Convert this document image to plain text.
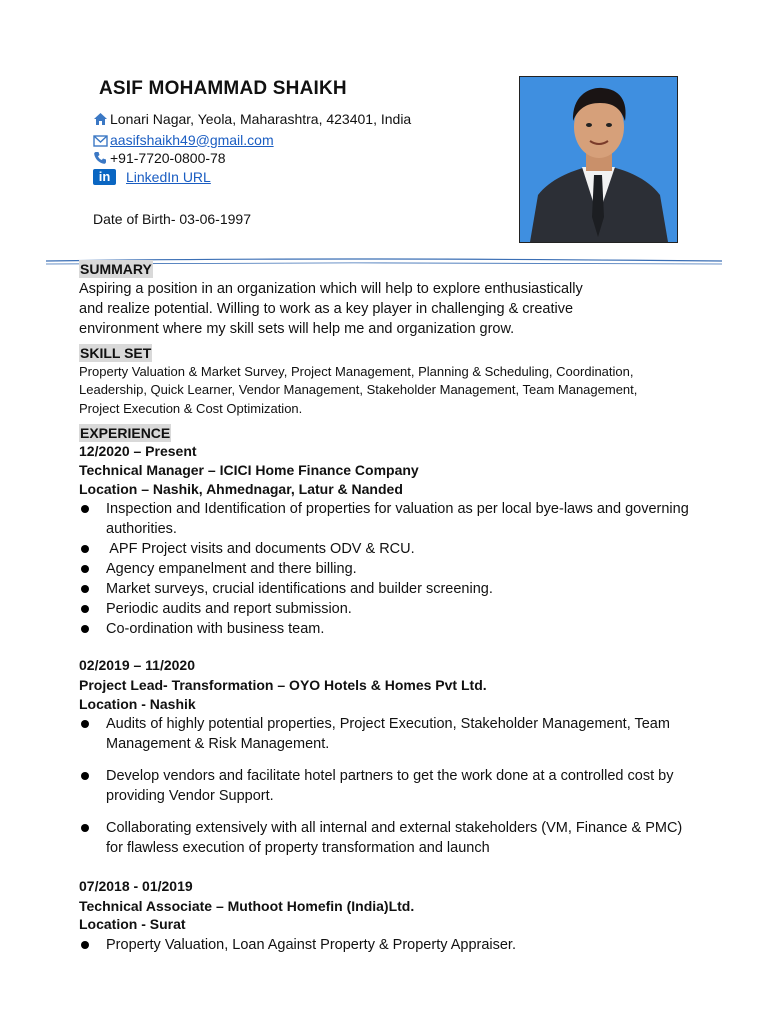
ASIF MOHAMMAD SHAIKH
Lonari Nagar, Yeola, Maharashtra, 423401, India
aasifshaikh49@gmail.com
+91-7720-0800-78
in	LinkedIn URL
Date of Birth- 03-06-1997
SUMMARY
Aspiring a position in an organization which will help to explore enthusiastically
and realize potential. Willing to work as a key player in challenging & creative
environment where my skill sets will help me and organization grow.
SKILL SET
Property Valuation & Market Survey, Project Management, Planning & Scheduling, Coordination,
Leadership, Quick Learner, Vendor Management, Stakeholder Management, Team Management,
Project Execution & Cost Optimization.
EXPERIENCE
12/2020 – Present
Technical Manager – ICICI Home Finance Company
Location – Nashik, Ahmednagar, Latur & Nanded
Inspection and Identification of properties for valuation as per local bye-laws and governing authorities.
APF Project visits and documents ODV & RCU.
Agency empanelment and there billing.
Market surveys, crucial identifications and builder screening.
Periodic audits and report submission.
Co-ordination with business team.
02/2019 – 11/2020
Project Lead- Transformation – OYO Hotels & Homes Pvt Ltd.
Location - Nashik
Audits of highly potential properties, Project Execution, Stakeholder Management, Team Management & Risk Management.
Develop vendors and facilitate hotel partners to get the work done at a controlled cost by providing Vendor Support.
Collaborating extensively with all internal and external stakeholders (VM, Finance & PMC) for flawless execution of property transformation and launch
07/2018 - 01/2019
Technical Associate – Muthoot Homefin (India)Ltd.
Location - Surat
Property Valuation, Loan Against Property & Property Appraiser.
